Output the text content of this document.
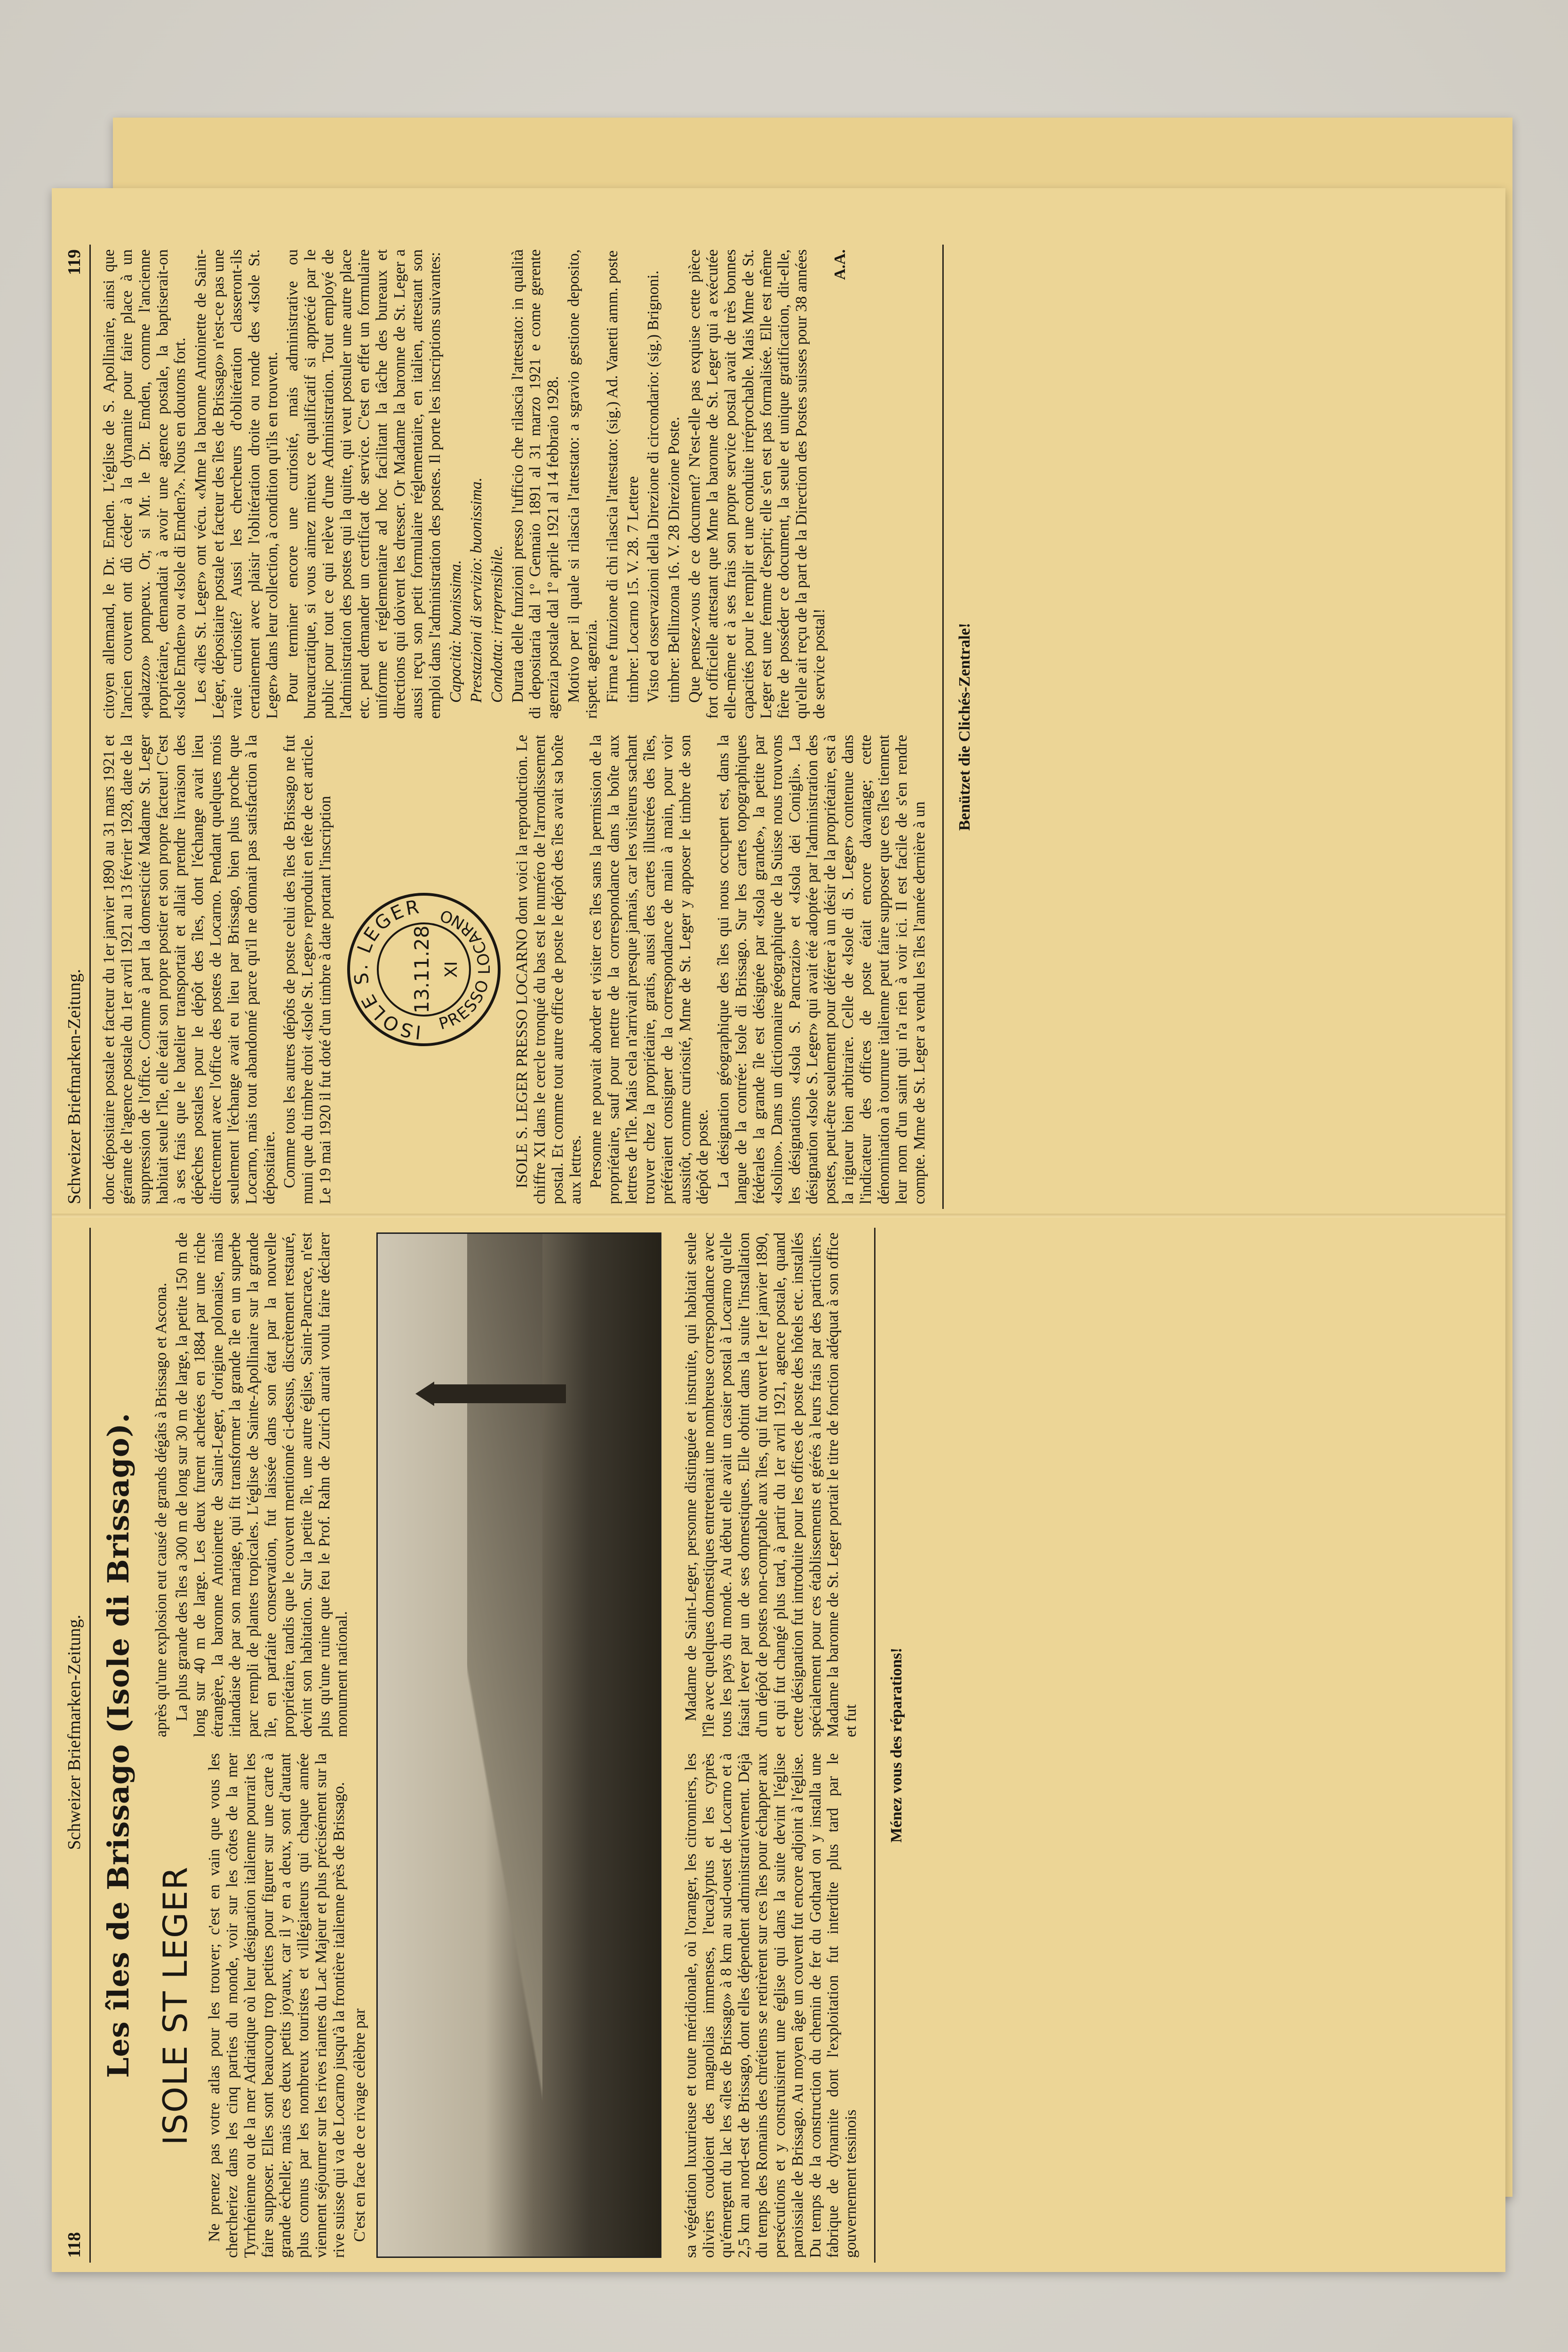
Schweizer Briefmarken-Zeitung.
119

donc dépositaire postale et facteur du 1er janvier 1890 au 31 mars 1921 et gérante de l'agence postale du 1er avril 1921 au 13 février 1928, date de la suppression de l'office. Comme à part la domesticité Madame St. Leger habitait seule l'île, elle était son propre postier et son propre facteur! C'est à ses frais que le batelier transportait et allait prendre livraison des dépêches postales pour le dépôt des îles, dont l'échange avait lieu directement avec l'office des postes de Locarno. Pendant quelques mois seulement l'échange avait eu lieu par Brissago, bien plus proche que Locarno, mais tout abandonné parce qu'il ne donnait pas satisfaction à la dépositaire. Comme tous les autres dépôts de poste celui des îles de Brissago ne fut muni que du timbre droit «Isole St. Leger» reproduit en tête de cet article. Le 19 mai 1920 il fut doté d'un timbre à date portant l'inscription	ISOLE S. LEGER
13.11.28 XI
PRESSO LOCARNO	ISOLE S. LEGER PRESSO LOCARNO dont voici la reproduction. Le chiffre XI dans le cercle tronqué du bas est le numéro de l'arrondissement postal. Et comme tout autre office de poste le dépôt des îles avait sa boîte aux lettres. Personne ne pouvait aborder et visiter ces îles sans la permission de la propriétaire, sauf pour mettre de la correspondance dans la boîte aux lettres de l'île. Mais cela n'arrivait presque jamais, car les visiteurs sachant trouver chez la propriétaire, gratis, aussi des cartes illustrées des îles, préféraient consigner de la correspondance de main à main, pour voir aussitôt, comme curiosité, Mme de St. Leger y apposer le timbre de son dépôt de poste. La désignation géographique des îles qui nous occupent est, dans la langue de la contrée: Isole di Brissago. Sur les cartes topographiques fédérales la grande île est désignée par «Isola grande», la petite par «Isolino». Dans un dictionnaire géographique de la Suisse nous trouvons les désignations «Isola S. Pancrazio» et «Isola dei Conigli». La désignation «Isole S. Leger» qui avait été adoptée par l'administration des postes, peut-être seulement pour déférer à un désir de la propriétaire, est à la rigueur bien arbitraire. Celle de «Isole di S. Leger» contenue dans l'indicateur des offices de poste était encore davantage; cette dénomination à tournure italienne peut faire supposer que ces îles tiennent leur nom d'un saint qui n'a rien à voir ici. Il est facile de s'en rendre compte. Mme de St. Leger a vendu les îles l'année dernière à un

citoyen allemand, le Dr. Emden. L'église de S. Apollinaire, ainsi que l'ancien couvent ont dû céder à la dynamite pour faire place à un «palazzo» pompeux. Or, si Mr. le Dr. Emden, comme l'ancienne propriétaire, demandait à avoir une agence postale, la baptiserait-on «Isole Emden» ou «Isole di Emden?». Nous en doutons fort. Les «îles St. Leger» ont vécu. «Mme la baronne Antoinette de Saint-Léger, dépositaire postale et facteur des îles de Brissago» n'est-ce pas une vraie curiosité? Aussi les chercheurs d'oblitération classeront-ils certainement avec plaisir l'oblitération droite ou ronde des «Isole St. Leger» dans leur collection, à condition qu'ils en trouvent. Pour terminer encore une curiosité, mais administrative ou bureaucratique, si vous aimez mieux ce qualificatif si apprécié par le public pour tout ce qui relève d'une Administration. Tout employé de l'administration des postes qui la quitte, qui veut postuler une autre place etc. peut demander un certificat de service. C'est en effet un formulaire uniforme et réglementaire ad hoc facilitant la tâche des bureaux et directions qui doivent les dresser. Or Madame la baronne de St. Leger a aussi reçu son petit formulaire réglementaire, en italien, attestant son emploi dans l'administration des postes. Il porte les inscriptions suivantes: Capacità: buonissima. Prestazioni di servizio: buonissima. Condotta: irreprensibile. Durata delle funzioni presso l'ufficio che rilascia l'attestato: in qualità di depositaria dal 1º Gennaio 1891 al 31 marzo 1921 e come gerente agenzia postale dal 1º aprile 1921 al 14 febbraio 1928. Motivo per il quale si rilascia l'attestato: a sgravio gestione deposito, rispett. agenzia. Firma e funzione di chi rilascia l'attestato: (sig.) Ad. Vanetti amm. poste timbre: Locarno 15. V. 28. 7 Lettere Visto ed osservazioni della Direzione di circondario: (sig.) Brignoni. timbre: Bellinzona 16. V. 28 Direzione Poste. Que pensez-vous de ce document? N'est-elle pas exquise cette pièce fort officielle attestant que Mme la baronne de St. Leger qui a exécutée elle-même et à ses frais son propre service postal avait de très bonnes capacités pour le remplir et une conduite irréprochable. Mais Mme de St. Leger est une femme d'esprit; elle s'en est pas formalisée. Elle est même fière de posséder ce document, la seule et unique gratification, dit-elle, qu'elle ait reçu de la part de la Direction des Postes suisses pour 38 années de service postal!

A.A.

Benützet die Clichés-Zentrale!
118
Schweizer Briefmarken-Zeitung. Les îles de Brissago (Isole di Brissago). ISOLE ST LEGER Ne prenez pas votre atlas pour les trouver; c'est en vain que vous les chercheriez dans les cinq parties du monde, voir sur les côtes de la mer Tyrrhénienne ou de la mer Adriatique où leur désignation italienne pourrait les faire supposer. Elles sont beaucoup trop petites pour figurer sur une carte à grande échelle; mais ces deux petits joyaux, car il y en a deux, sont d'autant plus connus par les nombreux touristes et villégiateurs qui chaque année viennent séjourner sur les rives riantes du Lac Majeur et plus précisément sur la rive suisse qui va de Locarno jusqu'à la frontière italienne près de Brissago. C'est en face de ce rivage célèbre par

après qu'une explosion eut causé de grands dégâts à Brissago et Ascona. La plus grande des îles a 300 m de long sur 30 m de large, la petite 150 m de long sur 40 m de large. Les deux furent achetées en 1884 par une riche étrangère, la baronne Antoinette de Saint-Leger, d'origine polonaise, mais irlandaise de par son mariage, qui fit transformer la grande île en un superbe parc rempli de plantes tropicales. L'église de Sainte-Apollinaire sur la grande île, en parfaite conservation, fut laissée dans son état par la nouvelle propriétaire, tandis que le couvent mentionné ci-dessus, discrètement restauré, devint son habitation. Sur la petite île, une autre église, Saint-Pancrace, n'est plus qu'une ruine que feu le Prof. Rahn de Zurich aurait voulu faire déclarer monument national.

sa végétation luxurieuse et toute méridionale, où l'oranger, les citronniers, les oliviers coudoient des magnolias immenses, l'eucalyptus et les cyprès qu'émergent du lac les «îles de Brissago» à 8 km au sud-ouest de Locarno et à 2,5 km au nord-est de Brissago, dont elles dépendent administrativement. Déjà du temps des Romains des chrétiens se retirèrent sur ces îles pour échapper aux persécutions et y construisirent une église qui dans la suite devint l'église paroissiale de Brissago. Au moyen âge un couvent fut encore adjoint à l'église. Du temps de la construction du chemin de fer du Gothard on y installa une fabrique de dynamite dont l'exploitation fut interdite plus tard par le gouvernement tessinois

Madame de Saint-Leger, personne distinguée et instruite, qui habitait seule l'île avec quelques domestiques entretenait une nombreuse correspondance avec tous les pays du monde. Au début elle avait un casier postal à Locarno qu'elle faisait lever par un de ses domestiques. Elle obtint dans la suite l'installation d'un dépôt de postes non-comptable aux îles, qui fut ouvert le 1er janvier 1890, et qui fut changé plus tard, à partir du 1er avril 1921, agence postale, quand cette désignation fut introduite pour les offices de poste des hôtels etc. installés spécialement pour ces établissements et gérés à leurs frais par des particuliers. Madame la baronne de St. Leger portait le titre de fonction adéquat à son office et fut	Ménez vous des réparations!
